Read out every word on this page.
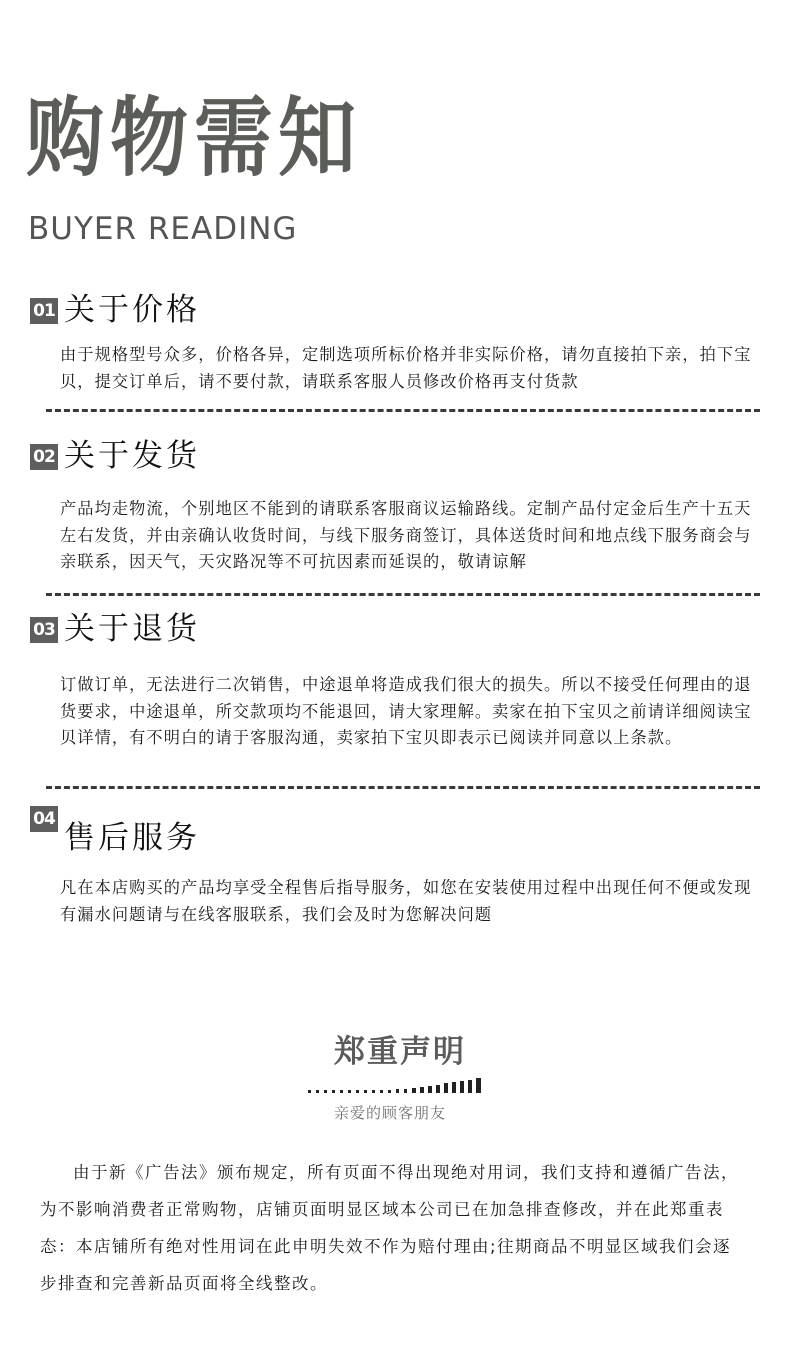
购物需知
BUYER READING
01 关于价格
由于规格型号众多，价格各异，定制选项所标价格并非实际价格，请勿直接拍下亲，拍下宝贝，提交订单后，请不要付款，请联系客服人员修改价格再支付货款
02 关于发货
产品均走物流，个别地区不能到的请联系客服商议运输路线。定制产品付定金后生产十五天左右发货，并由亲确认收货时间，与线下服务商签订，具体送货时间和地点线下服务商会与亲联系，因天气，天灾路况等不可抗因素而延误的，敬请谅解
03 关于退货
订做订单，无法进行二次销售，中途退单将造成我们很大的损失。所以不接受任何理由的退货要求，中途退单，所交款项均不能退回，请大家理解。卖家在拍下宝贝之前请详细阅读宝贝详情，有不明白的请于客服沟通，卖家拍下宝贝即表示已阅读并同意以上条款。
04
售后服务
凡在本店购买的产品均享受全程售后指导服务，如您在安装使用过程中出现任何不便或发现有漏水问题请与在线客服联系，我们会及时为您解决问题
郑重声明
亲爱的顾客朋友
由于新《广告法》颁布规定，所有页面不得出现绝对用词，我们支持和遵循广告法，为不影响消费者正常购物，店铺页面明显区域本公司已在加急排查修改，并在此郑重表态：本店铺所有绝对性用词在此申明失效不作为赔付理由;往期商品不明显区域我们会逐步排查和完善新品页面将全线整改。
